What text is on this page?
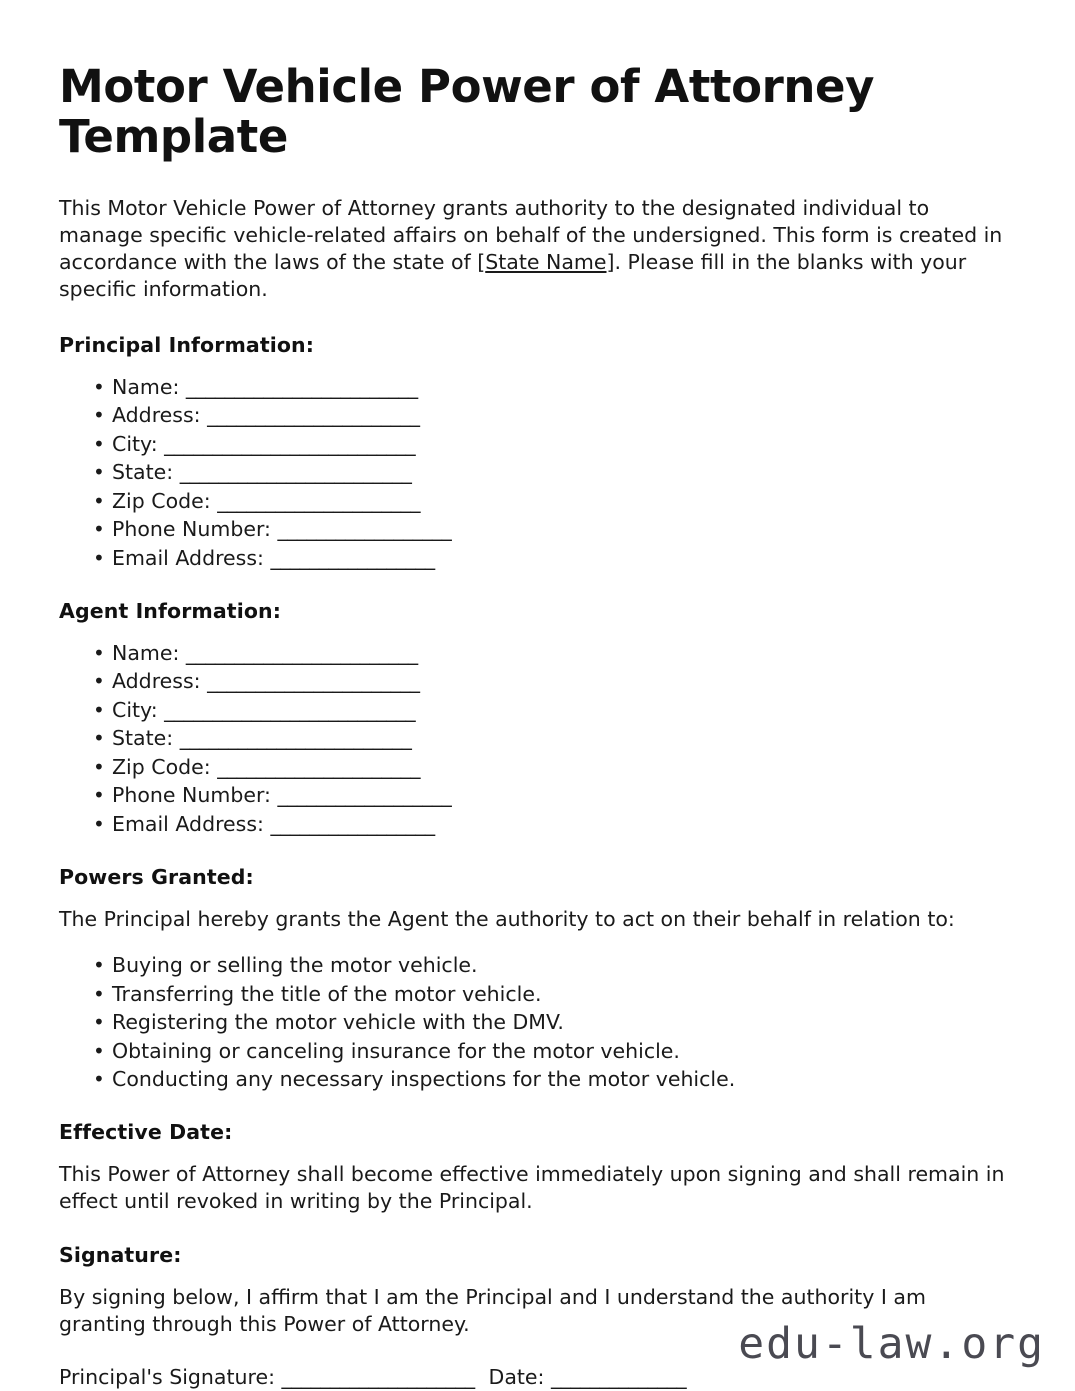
Motor Vehicle Power of Attorney Template

This Motor Vehicle Power of Attorney grants authority to the designated individual to manage specific vehicle-related affairs on behalf of the undersigned. This form is created in accordance with the laws of the state of [State Name]. Please fill in the blanks with your specific information.

Principal Information:
• Name: ________________________
• Address: ______________________
• City: __________________________
• State: ________________________
• Zip Code: _____________________
• Phone Number: __________________
• Email Address: _________________
Agent Information:
• Name: ________________________
• Address: ______________________
• City: __________________________
• State: ________________________
• Zip Code: _____________________
• Phone Number: __________________
• Email Address: _________________
Powers Granted:

The Principal hereby grants the Agent the authority to act on their behalf in relation to:

• Buying or selling the motor vehicle.
• Transferring the title of the motor vehicle.
• Registering the motor vehicle with the DMV.
• Obtaining or canceling insurance for the motor vehicle.
• Conducting any necessary inspections for the motor vehicle.
Effective Date:

This Power of Attorney shall become effective immediately upon signing and shall remain in effect until revoked in writing by the Principal.

Signature:

By signing below, I affirm that I am the Principal and I understand the authority I am granting through this Power of Attorney.

Principal's Signature: ____________________ Date: ______________
edu-law.org
